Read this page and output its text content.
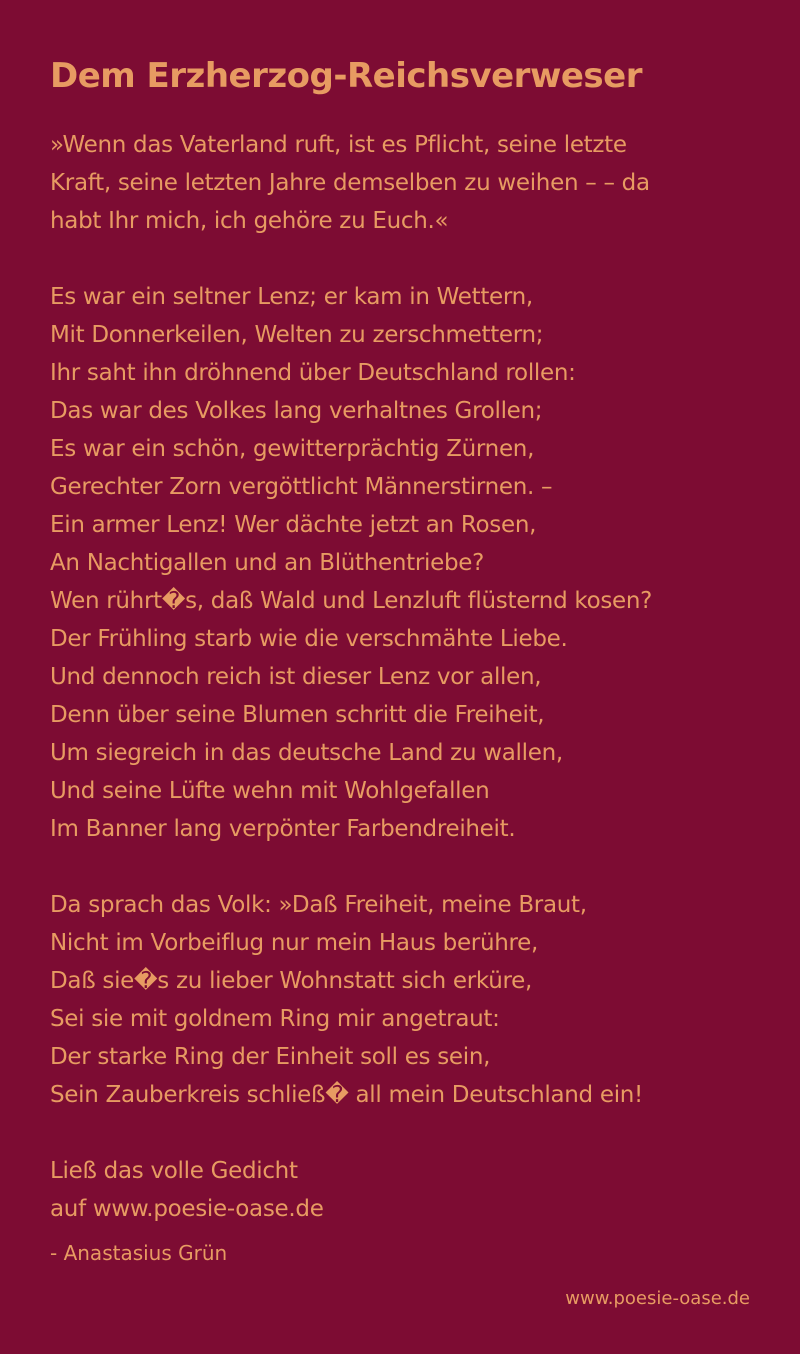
Dem Erzherzog-Reichsverweser
»Wenn das Vaterland ruft, ist es Pflicht, seine letzte
Kraft, seine letzten Jahre demselben zu weihen – – da
habt Ihr mich, ich gehöre zu Euch.«
Es war ein seltner Lenz; er kam in Wettern,
Mit Donnerkeilen, Welten zu zerschmettern;
Ihr saht ihn dröhnend über Deutschland rollen:
Das war des Volkes lang verhaltnes Grollen;
Es war ein schön, gewitterprächtig Zürnen,
Gerechter Zorn vergöttlicht Männerstirnen. –
Ein armer Lenz! Wer dächte jetzt an Rosen,
An Nachtigallen und an Blüthentriebe?
Wen rührt�s, daß Wald und Lenzluft flüsternd kosen?
Der Frühling starb wie die verschmähte Liebe.
Und dennoch reich ist dieser Lenz vor allen,
Denn über seine Blumen schritt die Freiheit,
Um siegreich in das deutsche Land zu wallen,
Und seine Lüfte wehn mit Wohlgefallen
Im Banner lang verpönter Farbendreiheit.
Da sprach das Volk: »Daß Freiheit, meine Braut,
Nicht im Vorbeiflug nur mein Haus berühre,
Daß sie�s zu lieber Wohnstatt sich erküre,
Sei sie mit goldnem Ring mir angetraut:
Der starke Ring der Einheit soll es sein,
Sein Zauberkreis schließ� all mein Deutschland ein!
Ließ das volle Gedicht
auf www.poesie-oase.de
- Anastasius Grün
www.poesie-oase.de
